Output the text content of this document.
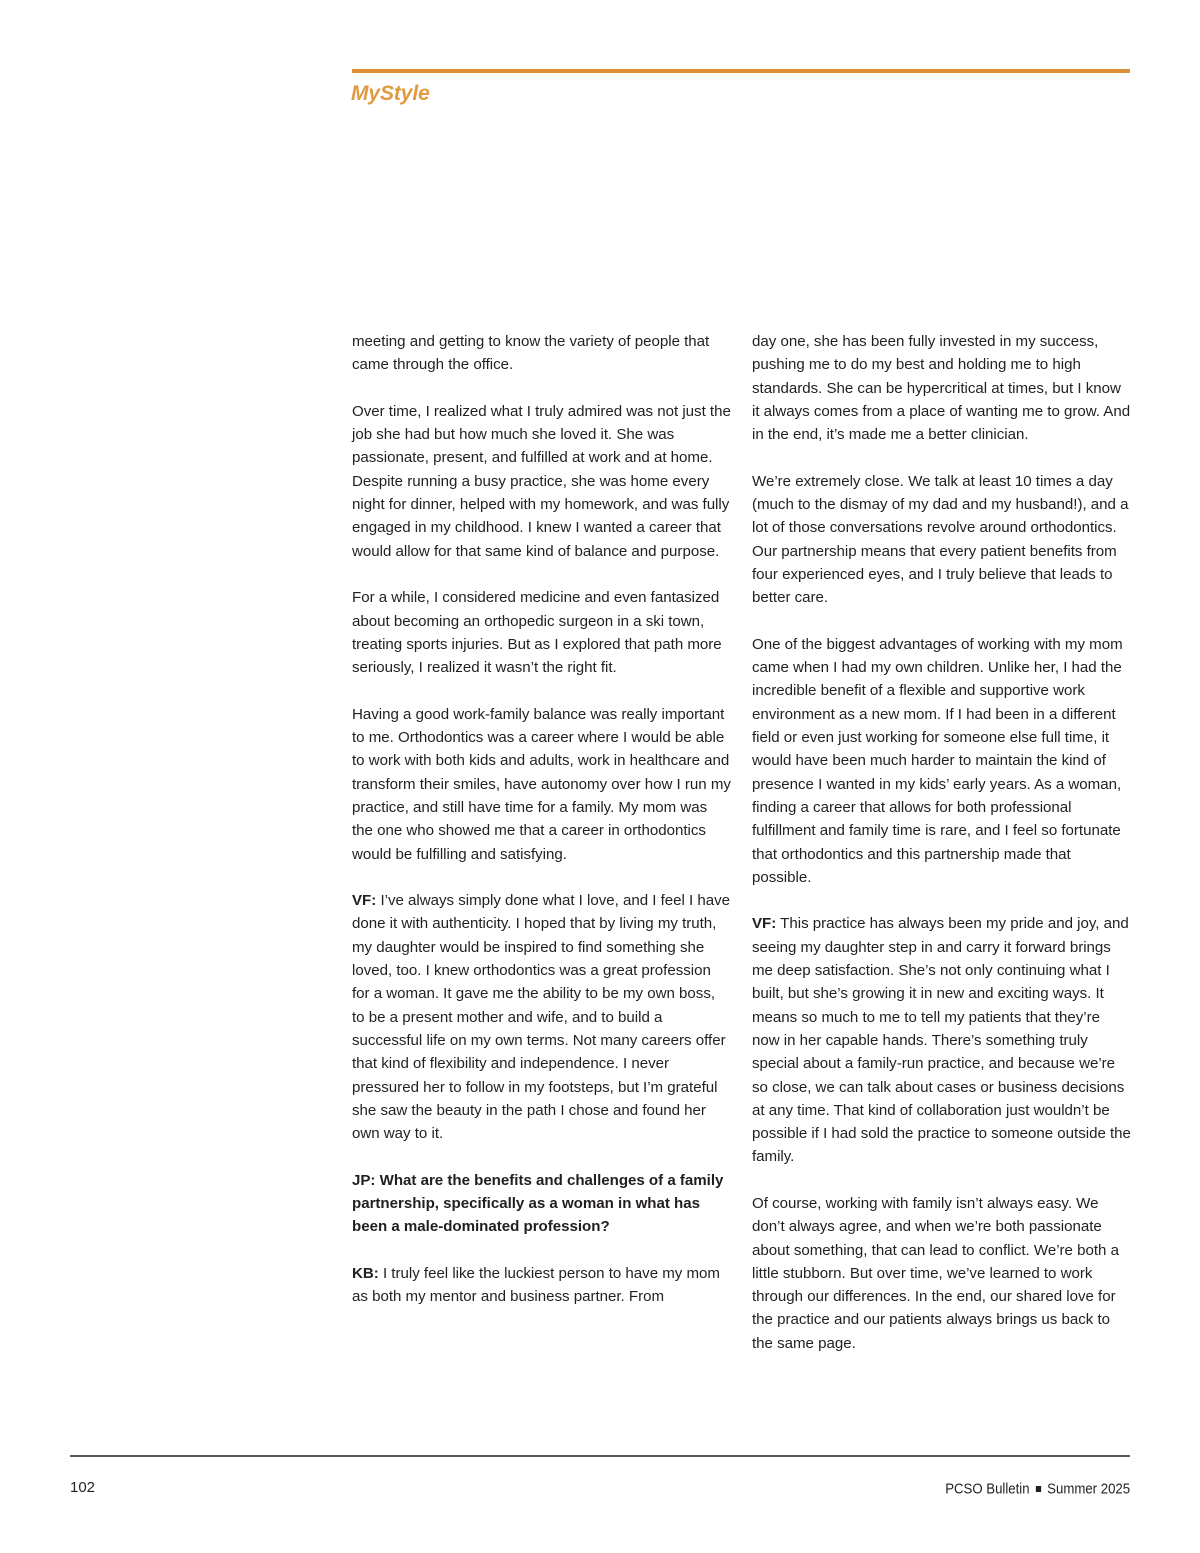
MyStyle

meeting and getting to know the variety of people that came through the office.

Over time, I realized what I truly admired was not just the job she had but how much she loved it. She was passionate, present, and fulfilled at work and at home. Despite running a busy practice, she was home every night for dinner, helped with my homework, and was fully engaged in my childhood. I knew I wanted a career that would allow for that same kind of balance and purpose.

For a while, I considered medicine and even fantasized about becoming an orthopedic surgeon in a ski town, treating sports injuries. But as I explored that path more seriously, I realized it wasn’t the right fit.

Having a good work-family balance was really important to me. Orthodontics was a career where I would be able to work with both kids and adults, work in healthcare and transform their smiles, have autonomy over how I run my practice, and still have time for a family. My mom was the one who showed me that a career in orthodontics would be fulfilling and satisfying.

VF: I’ve always simply done what I love, and I feel I have done it with authenticity. I hoped that by living my truth, my daughter would be inspired to find something she loved, too. I knew orthodontics was a great profession for a woman. It gave me the ability to be my own boss, to be a present mother and wife, and to build a successful life on my own terms. Not many careers offer that kind of flexibility and independence. I never pressured her to follow in my footsteps, but I’m grateful she saw the beauty in the path I chose and found her own way to it.

JP: What are the benefits and challenges of a family partnership, specifically as a woman in what has been a male-dominated profession?

KB: I truly feel like the luckiest person to have my mom as both my mentor and business partner. From

day one, she has been fully invested in my success, pushing me to do my best and holding me to high standards. She can be hypercritical at times, but I know it always comes from a place of wanting me to grow. And in the end, it’s made me a better clinician.

We’re extremely close. We talk at least 10 times a day (much to the dismay of my dad and my husband!), and a lot of those conversations revolve around orthodontics. Our partnership means that every patient benefits from four experienced eyes, and I truly believe that leads to better care.

One of the biggest advantages of working with my mom came when I had my own children. Unlike her, I had the incredible benefit of a flexible and supportive work environment as a new mom. If I had been in a different field or even just working for someone else full time, it would have been much harder to maintain the kind of presence I wanted in my kids’ early years. As a woman, finding a career that allows for both professional fulfillment and family time is rare, and I feel so fortunate that orthodontics and this partnership made that possible.

VF: This practice has always been my pride and joy, and seeing my daughter step in and carry it forward brings me deep satisfaction. She’s not only continuing what I built, but she’s growing it in new and exciting ways. It means so much to me to tell my patients that they’re now in her capable hands. There’s something truly special about a family-run practice, and because we’re so close, we can talk about cases or business decisions at any time. That kind of collaboration just wouldn’t be possible if I had sold the practice to someone outside the family.

Of course, working with family isn’t always easy. We don’t always agree, and when we’re both passionate about something, that can lead to conflict. We’re both a little stubborn. But over time, we’ve learned to work through our differences. In the end, our shared love for the practice and our patients always brings us back to the same page.

102	PCSO Bulletin Summer 2025
